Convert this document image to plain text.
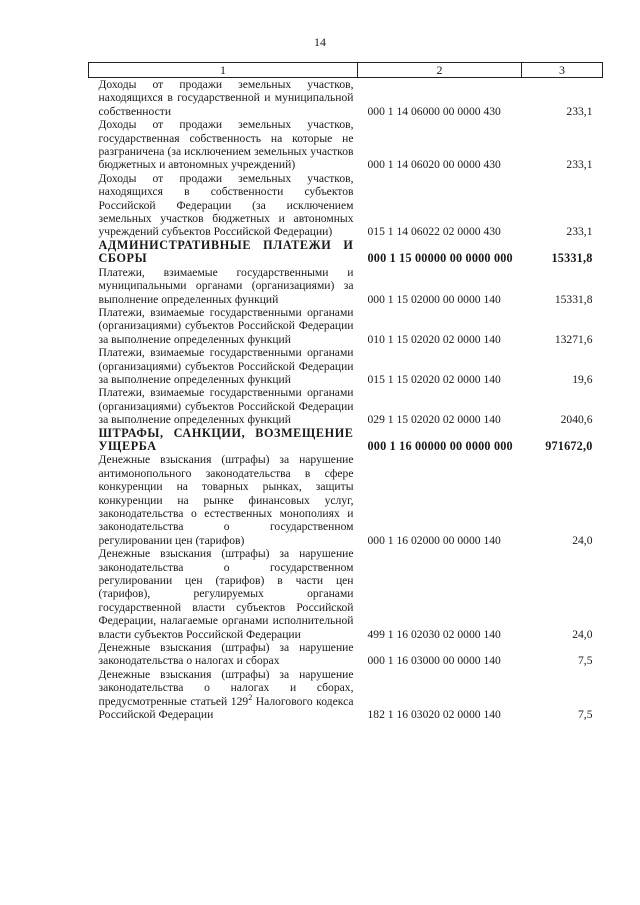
14
1	2	3
Доходы от продажи земельных участков, находящихся в государственной и муниципальной собственности	000 1 14 06000 00 0000 430	233,1
Доходы от продажи земельных участков, государственная собственность на которые не разграничена (за исключением земельных участков бюджетных и автономных учреждений)	000 1 14 06020 00 0000 430	233,1
Доходы от продажи земельных участков, находящихся в собственности субъектов Российской Федерации (за исключением земельных участков бюджетных и автономных учреждений субъектов Российской Федерации)	015 1 14 06022 02 0000 430	233,1
АДМИНИСТРАТИВНЫЕ ПЛАТЕЖИ И СБОРЫ	000 1 15 00000 00 0000 000	15331,8
Платежи, взимаемые государственными и муниципальными органами (организациями) за выполнение определенных функций	000 1 15 02000 00 0000 140	15331,8
Платежи, взимаемые государственными органами (организациями) субъектов Российской Федерации за выполнение определенных функций	010 1 15 02020 02 0000 140	13271,6
Платежи, взимаемые государственными органами (организациями) субъектов Российской Федерации за выполнение определенных функций	015 1 15 02020 02 0000 140	19,6
Платежи, взимаемые государственными органами (организациями) субъектов Российской Федерации за выполнение определенных функций	029 1 15 02020 02 0000 140	2040,6
ШТРАФЫ, САНКЦИИ, ВОЗМЕЩЕНИЕ УЩЕРБА	000 1 16 00000 00 0000 000	971672,0
Денежные взыскания (штрафы) за нарушение антимонопольного законодательства в сфере конкуренции на товарных рынках, защиты конкуренции на рынке финансовых услуг, законодательства о естественных монополиях и законодательства о государственном регулировании цен (тарифов)	000 1 16 02000 00 0000 140	24,0
Денежные взыскания (штрафы) за нарушение законодательства о государственном регулировании цен (тарифов) в части цен (тарифов), регулируемых органами государственной власти субъектов Российской Федерации, налагаемые органами исполнительной власти субъектов Российской Федерации	499 1 16 02030 02 0000 140	24,0
Денежные взыскания (штрафы) за нарушение законодательства о налогах и сборах	000 1 16 03000 00 0000 140	7,5
Денежные взыскания (штрафы) за нарушение законодательства о налогах и сборах, предусмотренные статьей $129^2$ Налогового кодекса Российской Федерации	182 1 16 03020 02 0000 140	7,5
